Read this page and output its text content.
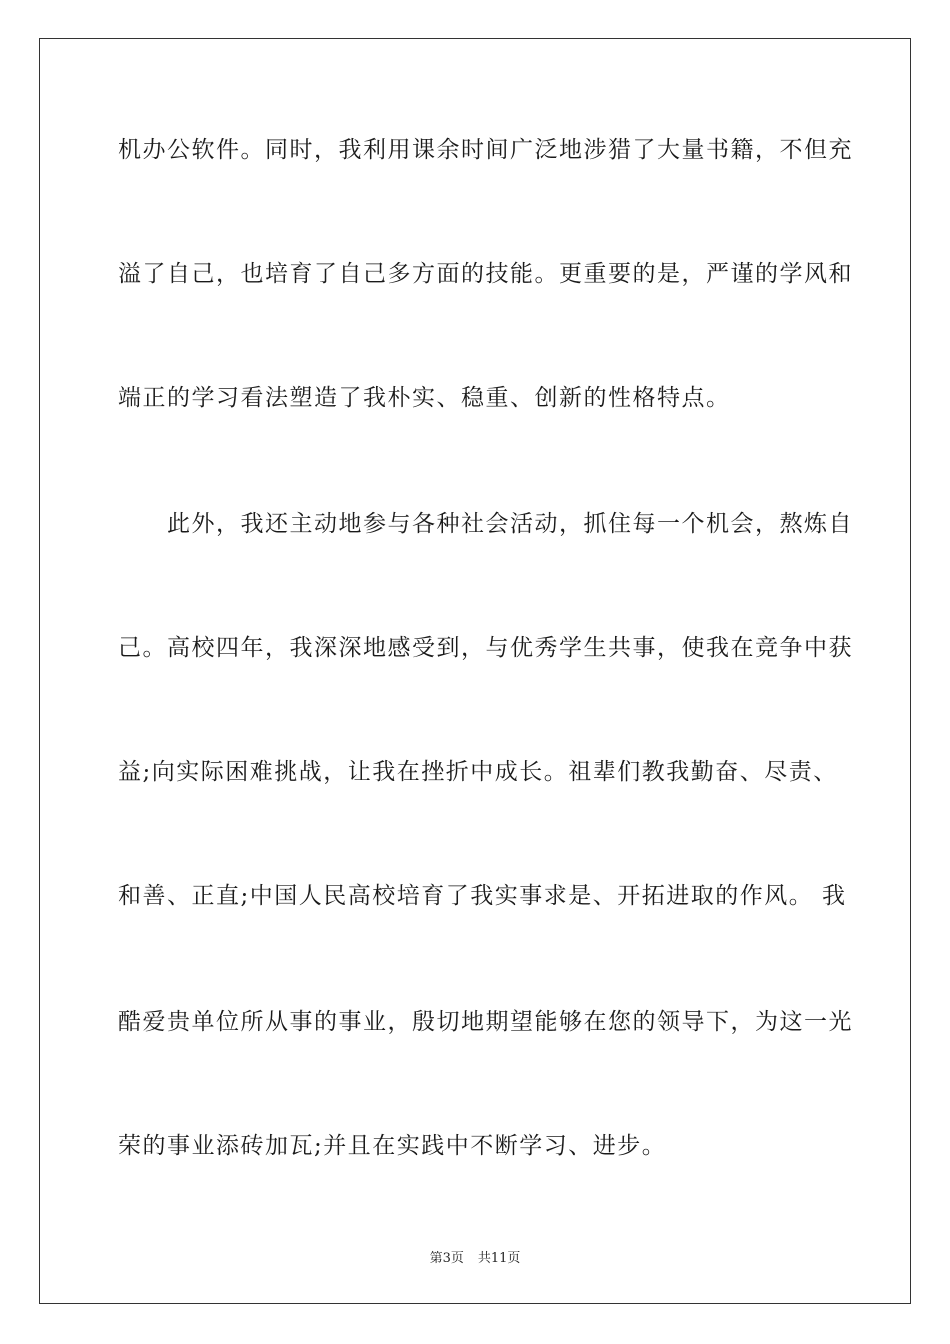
机办公软件。同时，我利用课余时间广泛地涉猎了大量书籍，不但充
溢了自己，也培育了自己多方面的技能。更重要的是，严谨的学风和
端正的学习看法塑造了我朴实、稳重、创新的性格特点。
　　此外，我还主动地参与各种社会活动，抓住每一个机会，熬炼自
己。高校四年，我深深地感受到，与优秀学生共事，使我在竞争中获
益;向实际困难挑战，让我在挫折中成长。祖辈们教我勤奋、尽责、
和善、正直;中国人民高校培育了我实事求是、开拓进取的作风。 我
酷爱贵单位所从事的事业，殷切地期望能够在您的领导下，为这一光
荣的事业添砖加瓦;并且在实践中不断学习、进步。
第3页 共11页
